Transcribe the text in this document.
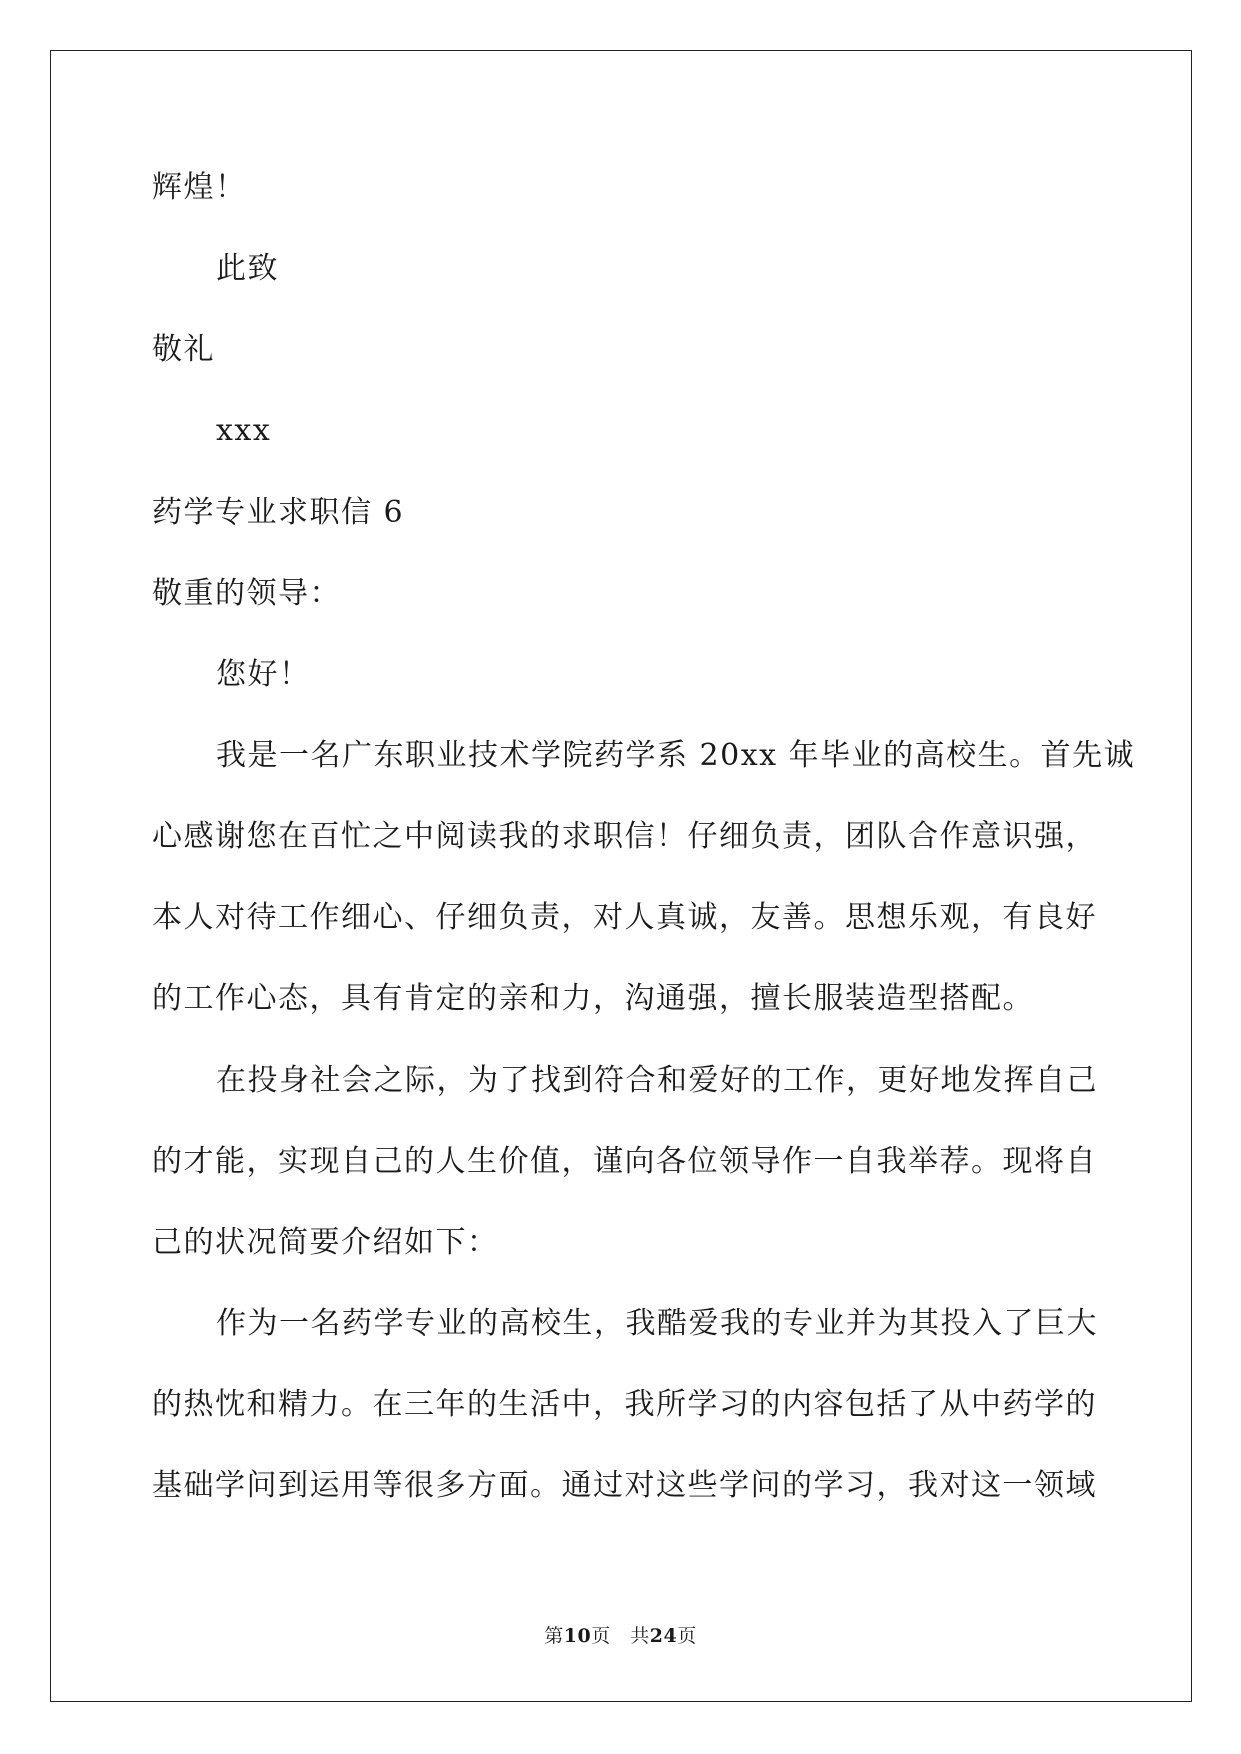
辉煌！
此致
敬礼
xxx
药学专业求职信 6
敬重的领导：
您好！
我是一名广东职业技术学院药学系 20xx 年毕业的高校生。首先诚
心感谢您在百忙之中阅读我的求职信！仔细负责，团队合作意识强，
本人对待工作细心、仔细负责，对人真诚，友善。思想乐观，有良好
的工作心态，具有肯定的亲和力，沟通强，擅长服装造型搭配。
在投身社会之际，为了找到符合和爱好的工作，更好地发挥自己
的才能，实现自己的人生价值，谨向各位领导作一自我举荐。现将自
己的状况简要介绍如下：
作为一名药学专业的高校生，我酷爱我的专业并为其投入了巨大
的热忱和精力。在三年的生活中，我所学习的内容包括了从中药学的
基础学问到运用等很多方面。通过对这些学问的学习，我对这一领域
第10页　共24页
